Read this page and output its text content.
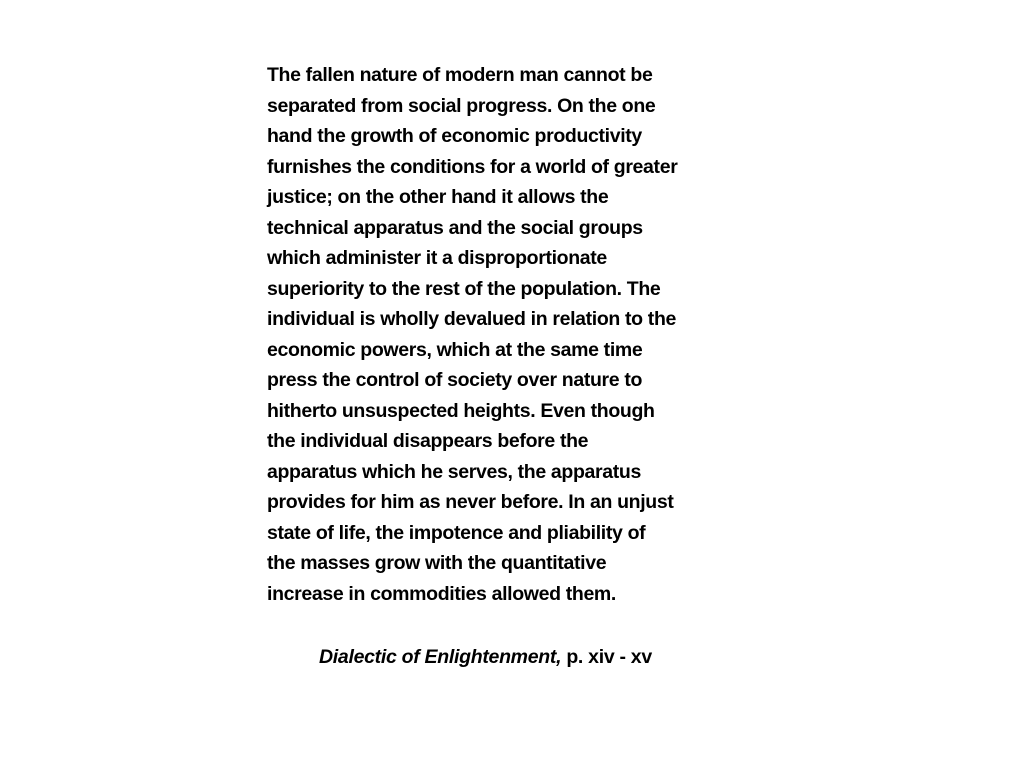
The fallen nature of modern man cannot be
separated from social progress. On the one
hand the growth of economic productivity
furnishes the conditions for a world of greater
justice; on the other hand it allows the
technical apparatus and the social groups
which administer it a disproportionate
superiority to the rest of the population. The
individual is wholly devalued in relation to the
economic powers, which at the same time
press the control of society over nature to
hitherto unsuspected heights. Even though
the individual disappears before the
apparatus which he serves, the apparatus
provides for him as never before. In an unjust
state of life, the impotence and pliability of
the masses grow with the quantitative
increase in commodities allowed them.
Dialectic of Enlightenment, p. xiv - xv
